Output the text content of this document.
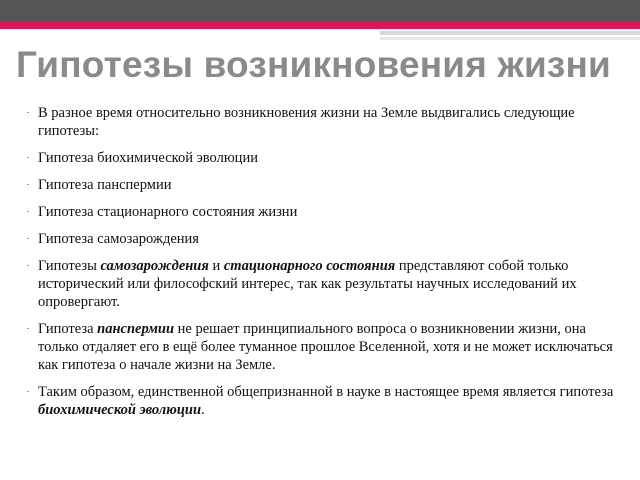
Гипотезы возникновения жизни
· В разное время относительно возникновения жизни на Земле выдвигались следующие гипотезы:
· Гипотеза биохимической эволюции
· Гипотеза панспермии
· Гипотеза стационарного состояния жизни
· Гипотеза самозарождения
· Гипотезы самозарождения и стационарного состояния представляют собой только исторический или философский интерес, так как результаты научных исследований их опровергают.
· Гипотеза панспермии не решает принципиального вопроса о возникновении жизни, она только отдаляет его в ещё более туманное прошлое Вселенной, хотя и не может исключаться как гипотеза о начале жизни на Земле.
· Таким образом, единственной общепризнанной в науке в настоящее время является гипотеза биохимической эволюции.
